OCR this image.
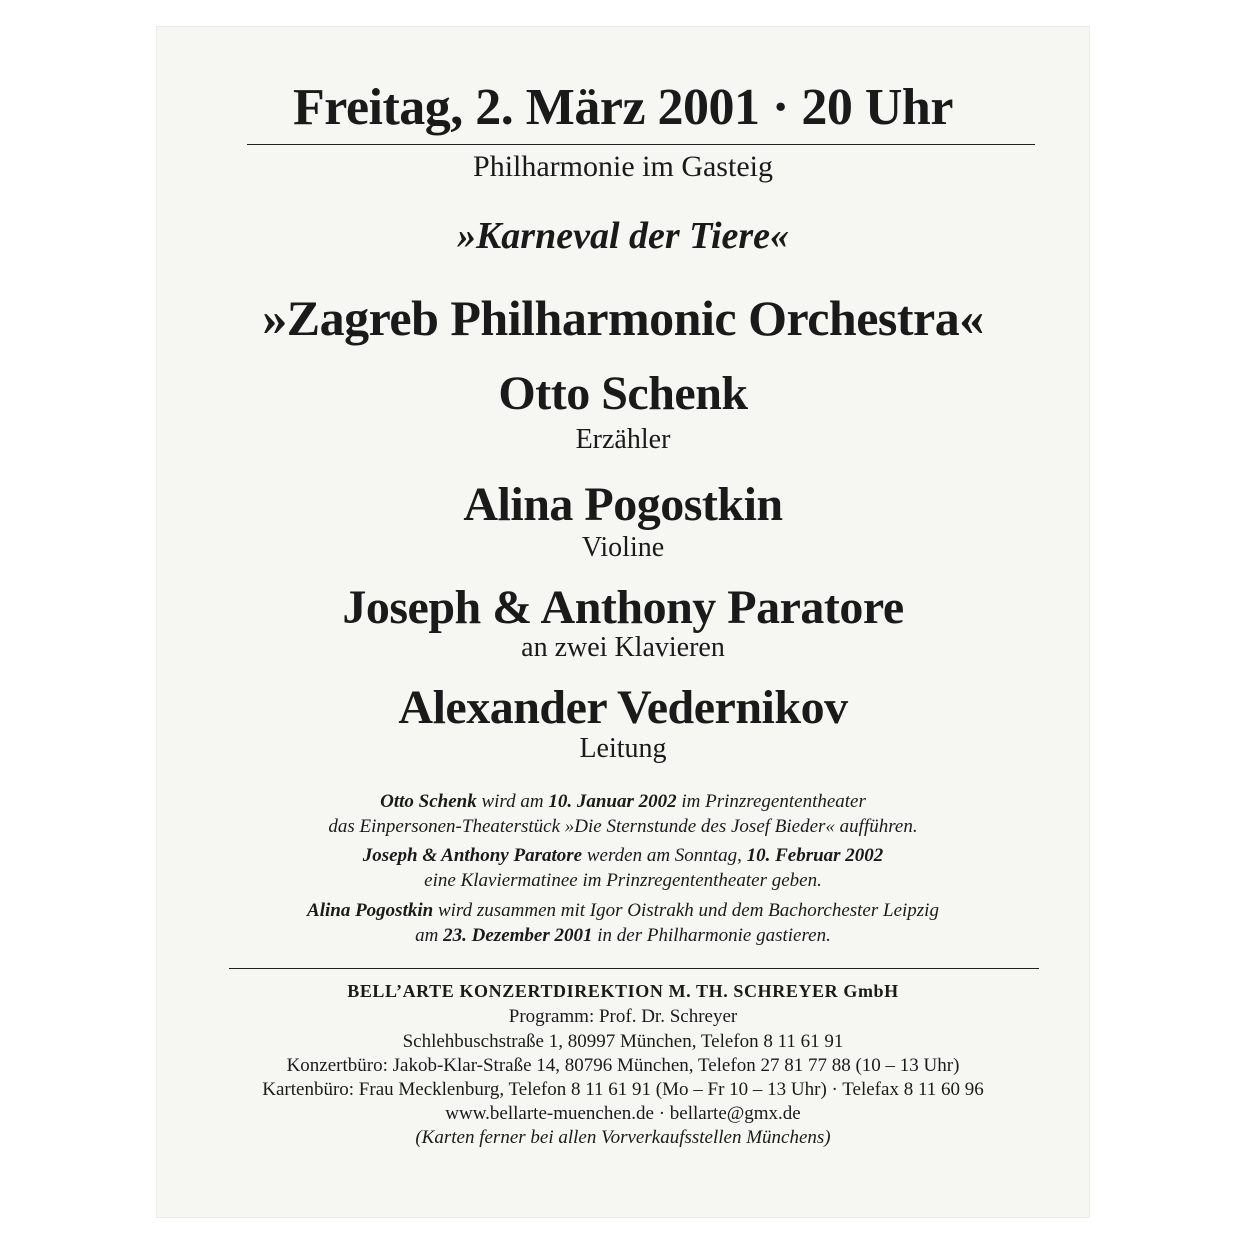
Freitag, 2. März 2001 · 20 Uhr
Philharmonie im Gasteig
»Karneval der Tiere«
»Zagreb Philharmonic Orchestra«
Otto Schenk
Erzähler
Alina Pogostkin
Violine
Joseph & Anthony Paratore
an zwei Klavieren
Alexander Vedernikov
Leitung
Otto Schenk wird am 10. Januar 2002 im Prinzregententheater
das Einpersonen-Theaterstück »Die Sternstunde des Josef Bieder« aufführen.
Joseph & Anthony Paratore werden am Sonntag, 10. Februar 2002
eine Klaviermatinee im Prinzregententheater geben.
Alina Pogostkin wird zusammen mit Igor Oistrakh und dem Bachorchester Leipzig
am 23. Dezember 2001 in der Philharmonie gastieren.
BELL’ARTE KONZERTDIREKTION M. TH. SCHREYER GmbH
Programm: Prof. Dr. Schreyer
Schlehbuschstraße 1, 80997 München, Telefon 8 11 61 91
Konzertbüro: Jakob-Klar-Straße 14, 80796 München, Telefon 27 81 77 88 (10 – 13 Uhr)
Kartenbüro: Frau Mecklenburg, Telefon 8 11 61 91 (Mo – Fr 10 – 13 Uhr) · Telefax 8 11 60 96
www.bellarte-muenchen.de · bellarte@gmx.de
(Karten ferner bei allen Vorverkaufsstellen Münchens)
